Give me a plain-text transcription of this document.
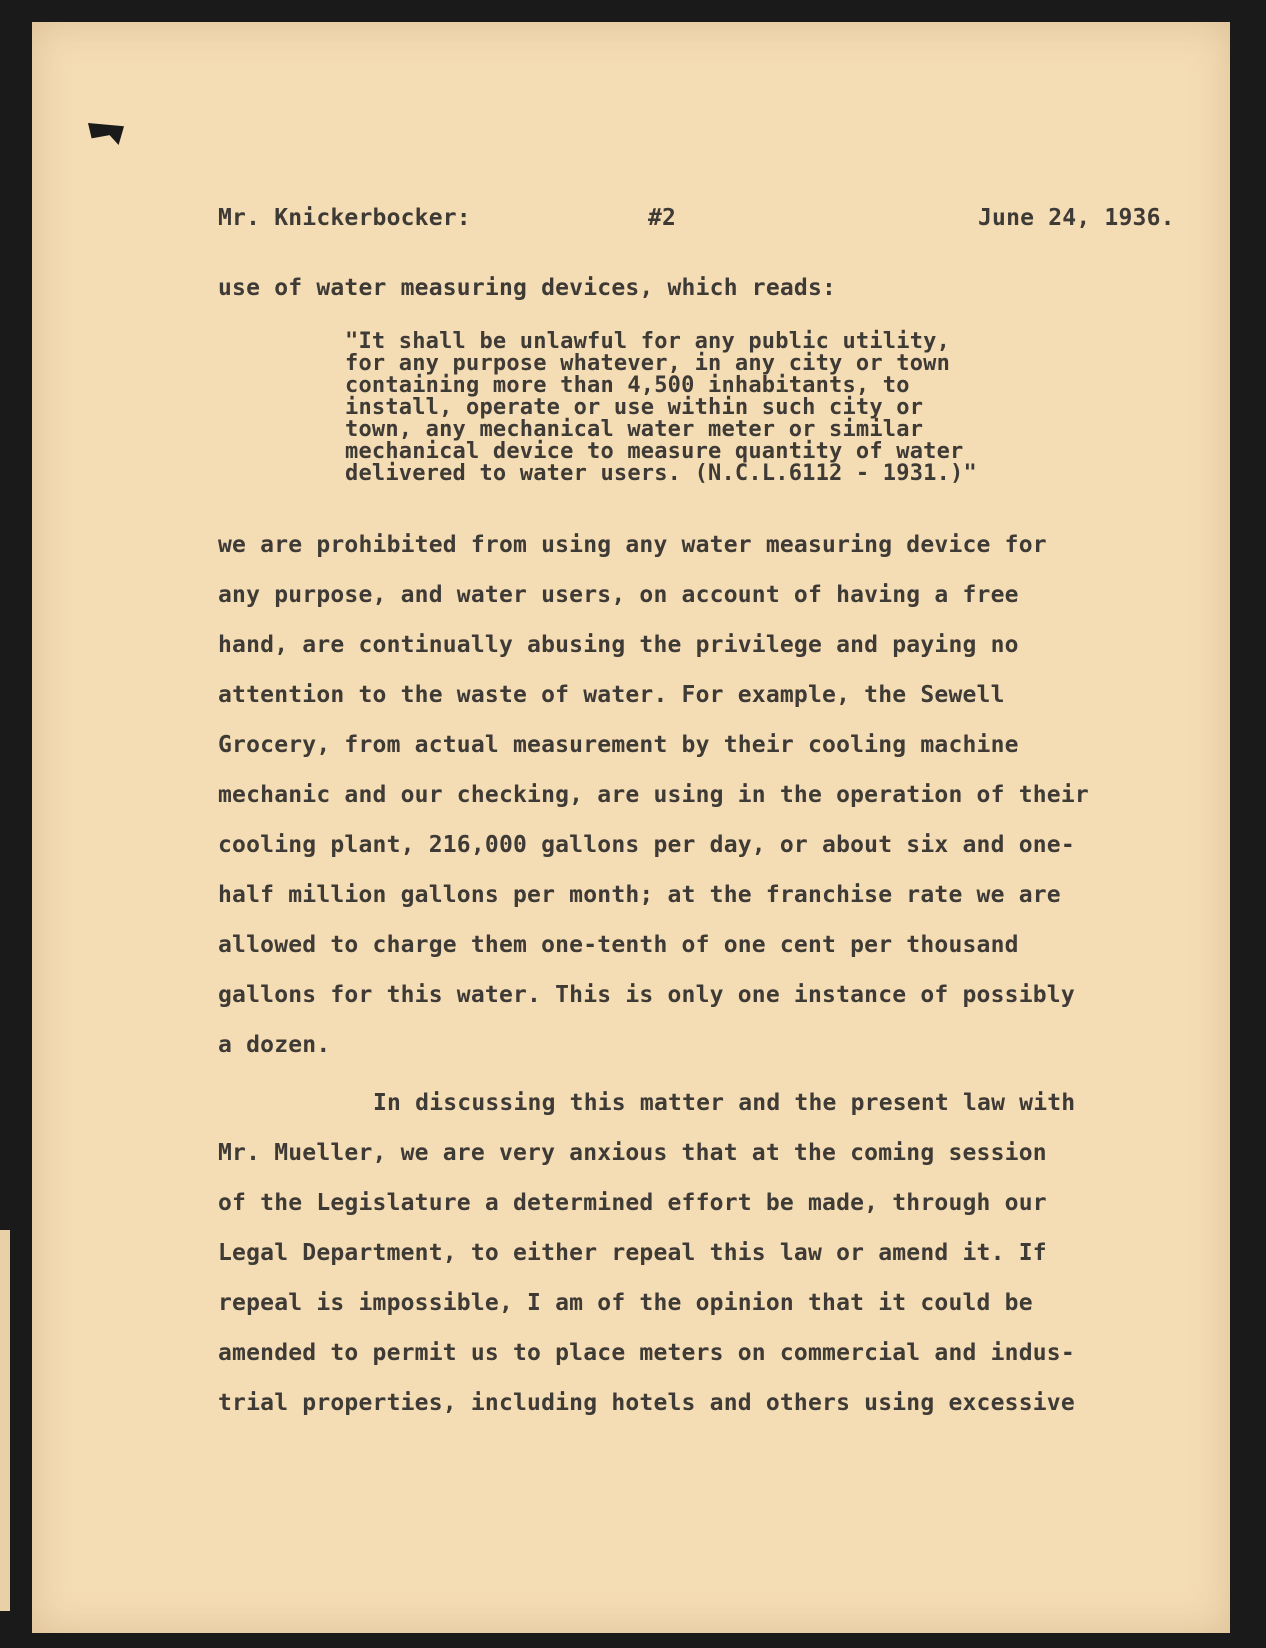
Mr. Knickerbocker:	#2	June 24, 1936.
use of water measuring devices, which reads:
"It shall be unlawful for any public utility,
for any purpose whatever, in any city or town
containing more than 4,500 inhabitants, to
install, operate or use within such city or
town, any mechanical water meter or similar
mechanical device to measure quantity of water
delivered to water users. (N.C.L.6112 - 1931.)"
we are prohibited from using any water measuring device for
any purpose, and water users, on account of having a free
hand, are continually abusing the privilege and paying no
attention to the waste of water. For example, the Sewell
Grocery, from actual measurement by their cooling machine
mechanic and our checking, are using in the operation of their
cooling plant, 216,000 gallons per day, or about six and one-
half million gallons per month; at the franchise rate we are
allowed to charge them one-tenth of one cent per thousand
gallons for this water. This is only one instance of possibly
a dozen.
In discussing this matter and the present law with
Mr. Mueller, we are very anxious that at the coming session
of the Legislature a determined effort be made, through our
Legal Department, to either repeal this law or amend it. If
repeal is impossible, I am of the opinion that it could be
amended to permit us to place meters on commercial and indus-
trial properties, including hotels and others using excessive
